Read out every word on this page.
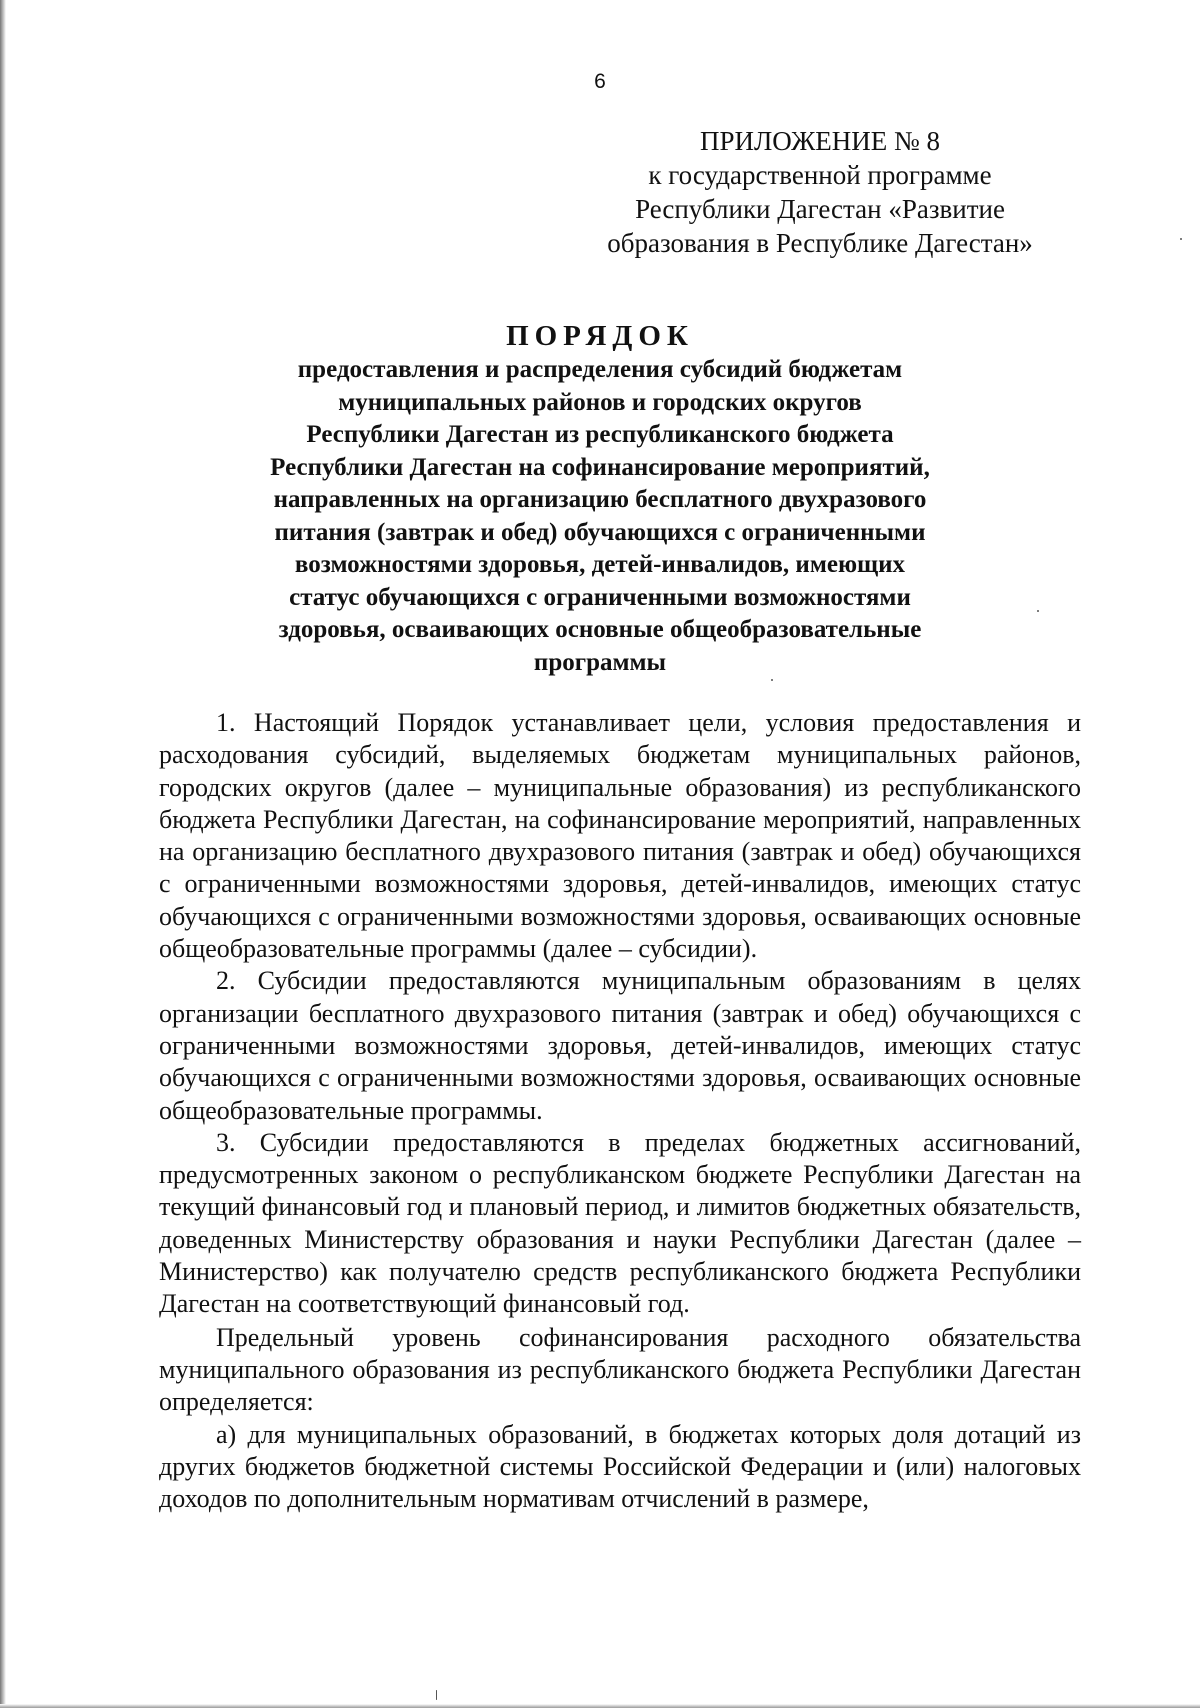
6
ПРИЛОЖЕНИЕ № 8
к государственной программе
Республики Дагестан «Развитие
образования в Республике Дагестан»
ПОРЯДОК
предоставления и распределения субсидий бюджетам
муниципальных районов и городских округов
Республики Дагестан из республиканского бюджета
Республики Дагестан на софинансирование мероприятий,
направленных на организацию бесплатного двухразового
питания (завтрак и обед) обучающихся с ограниченными
возможностями здоровья, детей-инвалидов, имеющих
статус обучающихся с ограниченными возможностями
здоровья, осваивающих основные общеобразовательные
программы

1. Настоящий Порядок устанавливает цели, условия предоставления и расходования субсидий, выделяемых бюджетам муниципальных районов, городских округов (далее – муниципальные образования) из республиканского бюджета Республики Дагестан, на софинансирование мероприятий, направленных на организацию бесплатного двухразового питания (завтрак и обед) обучающихся с ограниченными возможностями здоровья, детей-инвалидов, имеющих статус обучающихся с ограниченными возможностями здоровья, осваивающих основные общеобразовательные программы (далее – субсидии).

2. Субсидии предоставляются муниципальным образованиям в целях организации бесплатного двухразового питания (завтрак и обед) обучающихся с ограниченными возможностями здоровья, детей-инвалидов, имеющих статус обучающихся с ограниченными возможностями здоровья, осваивающих основные общеобразовательные программы.

3. Субсидии предоставляются в пределах бюджетных ассигнований, предусмотренных законом о республиканском бюджете Республики Дагестан на текущий финансовый год и плановый период, и лимитов бюджетных обязательств, доведенных Министерству образования и науки Республики Дагестан (далее – Министерство) как получателю средств республиканского бюджета Республики Дагестан на соответствующий финансовый год.

Предельный уровень софинансирования расходного обязательства муниципального образования из республиканского бюджета Республики Дагестан определяется:

а) для муниципальных образований, в бюджетах которых доля дотаций из других бюджетов бюджетной системы Российской Федерации и (или) налоговых доходов по дополнительным нормативам отчислений в размере,
